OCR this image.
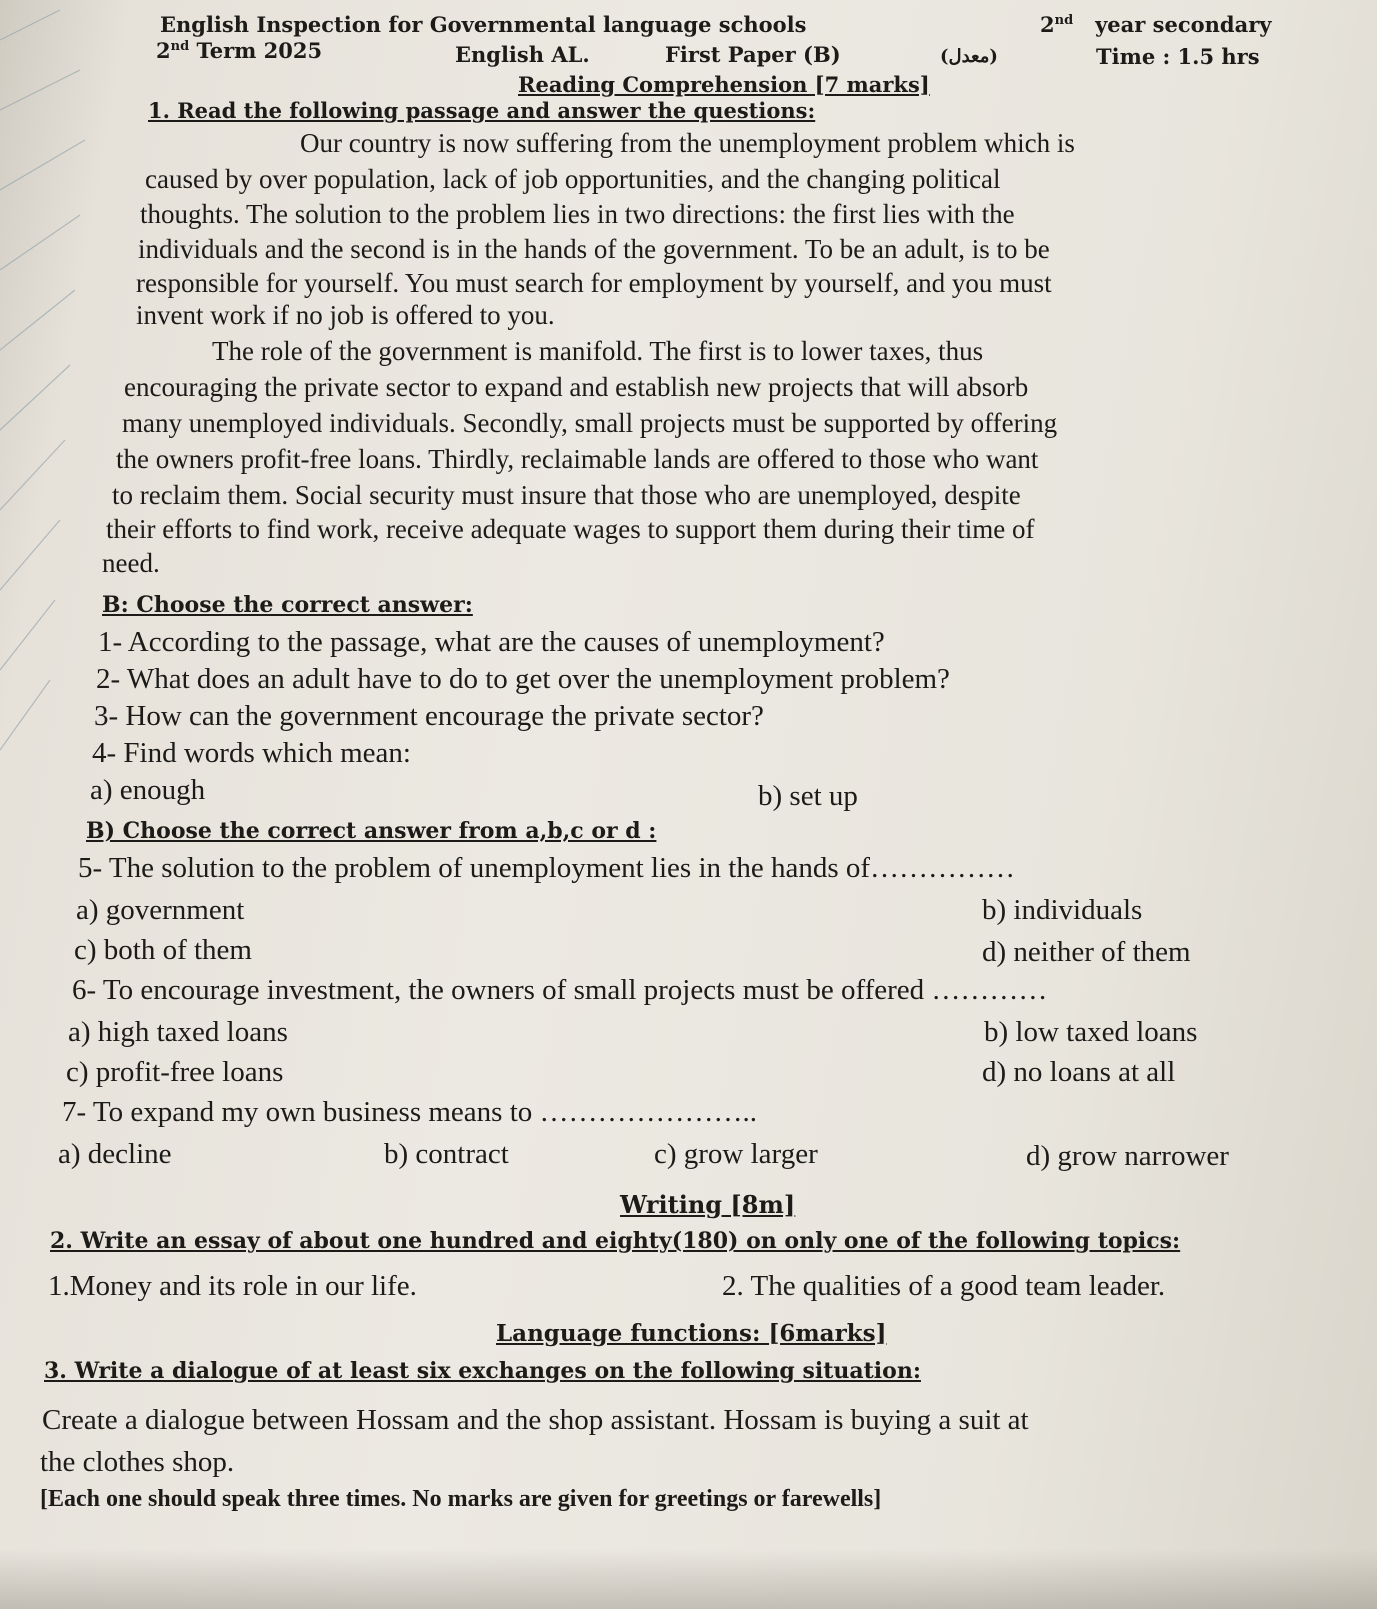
English Inspection for Governmental language schools	2nd year secondary
2nd Term 2025	English AL.	First Paper (B)	(معدل)	Time : 1.5 hrs
Reading Comprehension [7 marks]
1. Read the following passage and answer the questions:
Our country is now suffering from the unemployment problem which is
caused by over population, lack of job opportunities, and the changing political
thoughts. The solution to the problem lies in two directions: the first lies with the
individuals and the second is in the hands of the government. To be an adult, is to be
responsible for yourself. You must search for employment by yourself, and you must
invent work if no job is offered to you.
The role of the government is manifold. The first is to lower taxes, thus
encouraging the private sector to expand and establish new projects that will absorb
many unemployed individuals. Secondly, small projects must be supported by offering
the owners profit-free loans. Thirdly, reclaimable lands are offered to those who want
to reclaim them. Social security must insure that those who are unemployed, despite
their efforts to find work, receive adequate wages to support them during their time of
need.
B: Choose the correct answer:
1- According to the passage, what are the causes of unemployment?
2- What does an adult have to do to get over the unemployment problem?
3- How can the government encourage the private sector?
4- Find words which mean:
a) enough	b) set up
B) Choose the correct answer from a,b,c or d :
5- The solution to the problem of unemployment lies in the hands of……………
a) government	b) individuals
c) both of them	d) neither of them
6- To encourage investment, the owners of small projects must be offered …………
a) high taxed loans	b) low taxed loans
c) profit-free loans	d) no loans at all
7- To expand my own business means to …………………..
a) decline	b) contract	c) grow larger	d) grow narrower
Writing [8m]
2. Write an essay of about one hundred and eighty(180) on only one of the following topics:
1.Money and its role in our life.	2. The qualities of a good team leader.
Language functions: [6marks]
3. Write a dialogue of at least six exchanges on the following situation:
Create a dialogue between Hossam and the shop assistant. Hossam is buying a suit at
the clothes shop.
[Each one should speak three times. No marks are given for greetings or farewells]
